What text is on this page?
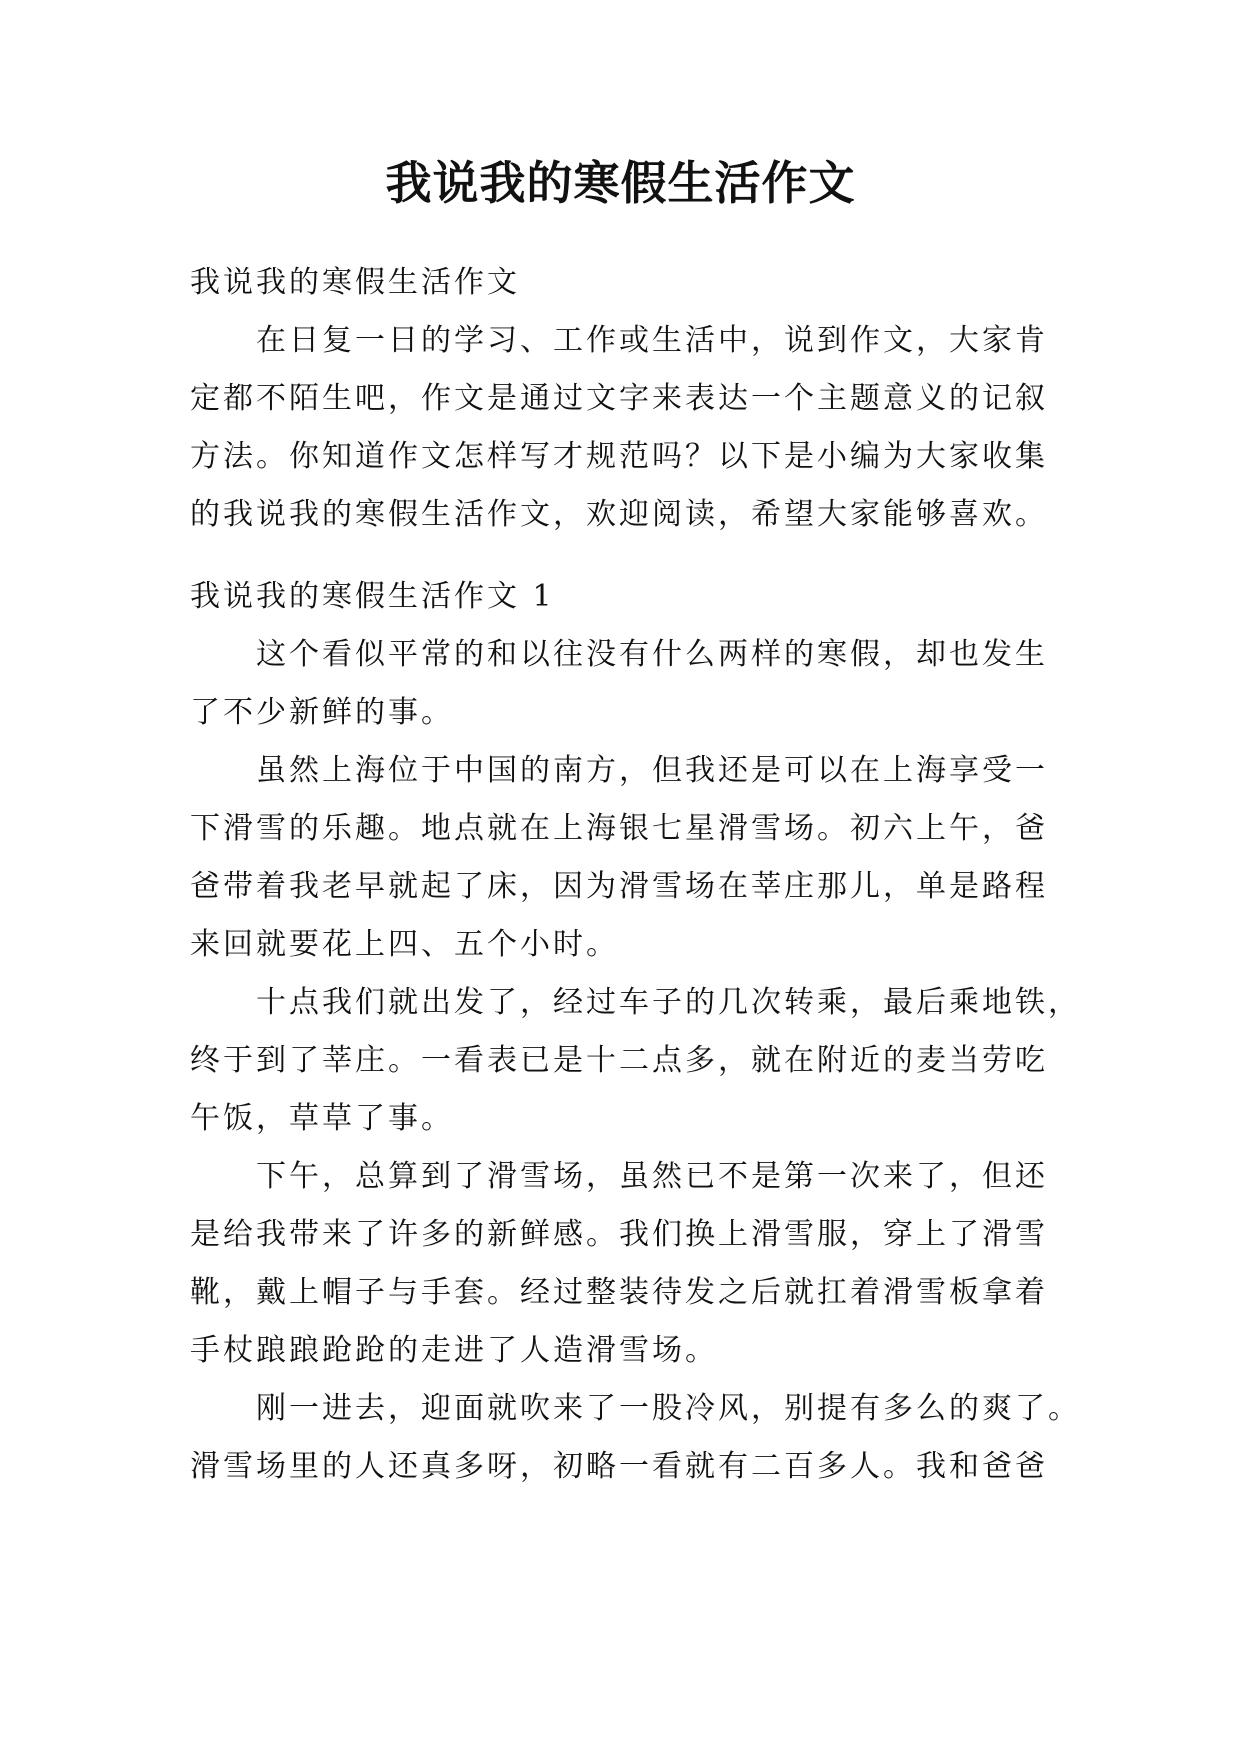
我说我的寒假生活作文
我说我的寒假生活作文
在日复一日的学习、工作或生活中，说到作文，大家肯
定都不陌生吧，作文是通过文字来表达一个主题意义的记叙
方法。你知道作文怎样写才规范吗？以下是小编为大家收集
的我说我的寒假生活作文，欢迎阅读，希望大家能够喜欢。
我说我的寒假生活作文 1
这个看似平常的和以往没有什么两样的寒假，却也发生
了不少新鲜的事。
虽然上海位于中国的南方，但我还是可以在上海享受一
下滑雪的乐趣。地点就在上海银七星滑雪场。初六上午，爸
爸带着我老早就起了床，因为滑雪场在莘庄那儿，单是路程
来回就要花上四、五个小时。
十点我们就出发了，经过车子的几次转乘，最后乘地铁，
终于到了莘庄。一看表已是十二点多，就在附近的麦当劳吃
午饭，草草了事。
下午，总算到了滑雪场，虽然已不是第一次来了，但还
是给我带来了许多的新鲜感。我们换上滑雪服，穿上了滑雪
靴，戴上帽子与手套。经过整装待发之后就扛着滑雪板拿着
手杖踉踉跄跄的走进了人造滑雪场。
刚一进去，迎面就吹来了一股冷风，别提有多么的爽了。
滑雪场里的人还真多呀，初略一看就有二百多人。我和爸爸
